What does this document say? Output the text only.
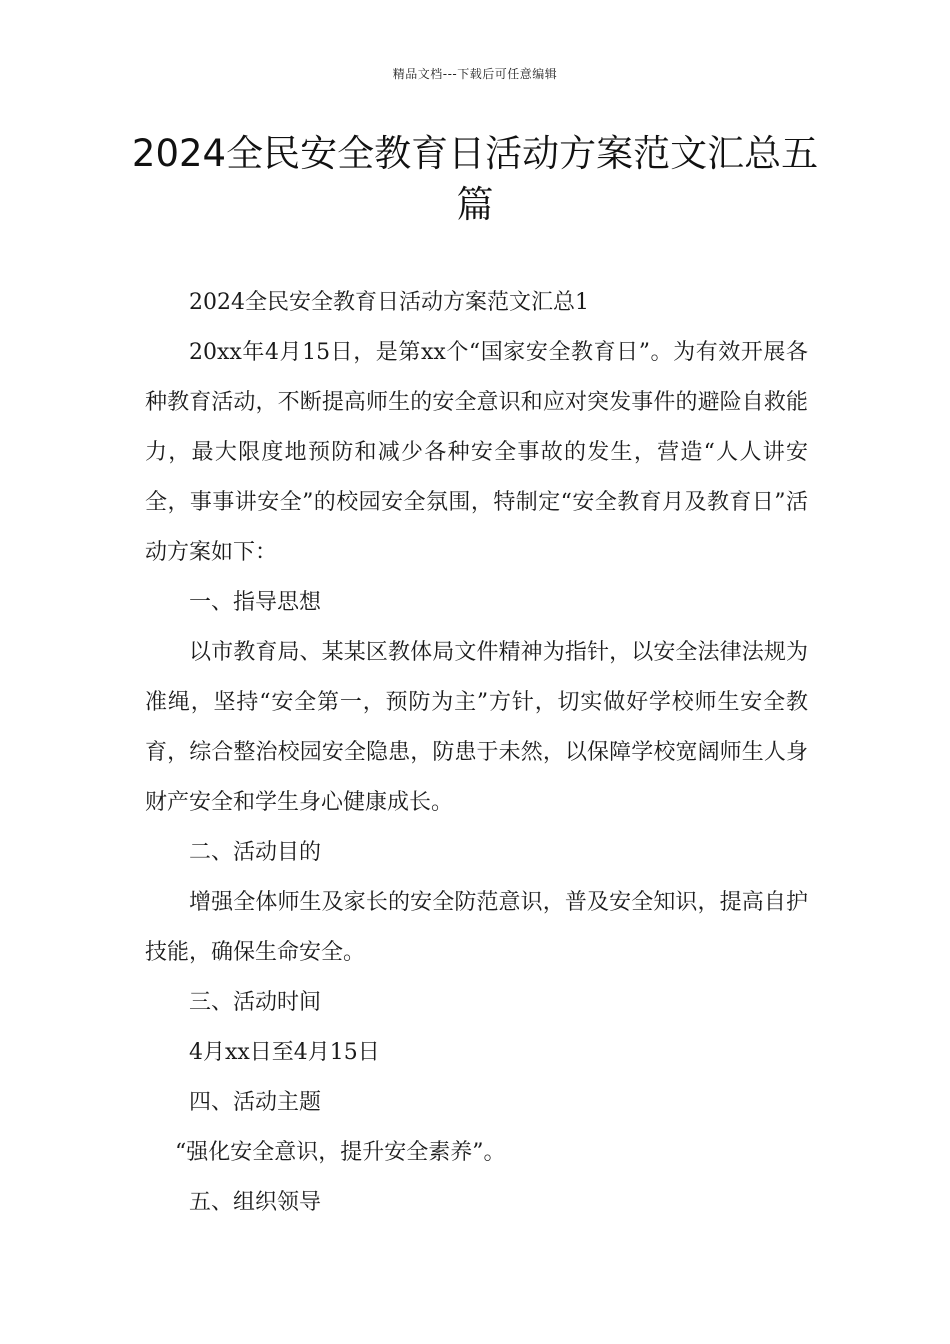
精品文档---下载后可任意编辑
2024全民安全教育日活动方案范文汇总五篇

2024全民安全教育日活动方案范文汇总1

20xx年4月15日，是第xx个“国家安全教育日”。为有效开展各种教育活动，不断提高师生的安全意识和应对突发事件的避险自救能力，最大限度地预防和减少各种安全事故的发生，营造“人人讲安全，事事讲安全”的校园安全氛围，特制定“安全教育月及教育日”活动方案如下：

一、指导思想

以市教育局、某某区教体局文件精神为指针，以安全法律法规为准绳，坚持“安全第一，预防为主”方针，切实做好学校师生安全教育，综合整治校园安全隐患，防患于未然，以保障学校宽阔师生人身财产安全和学生身心健康成长。

二、活动目的

增强全体师生及家长的安全防范意识，普及安全知识，提高自护技能，确保生命安全。

三、活动时间

4月xx日至4月15日

四、活动主题

“强化安全意识，提升安全素养”。

五、组织领导
